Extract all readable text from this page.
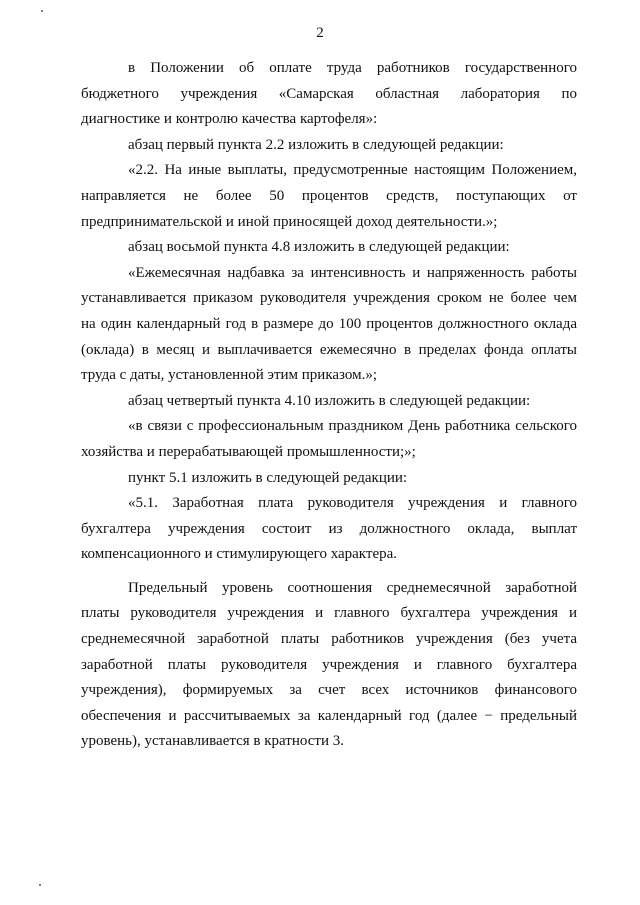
2
в Положении об оплате труда работников государственного
бюджетного учреждения «Самарская областная лаборатория по
диагностике и контролю качества картофеля»:
абзац первый пункта 2.2 изложить в следующей редакции:
«2.2. На иные выплаты, предусмотренные настоящим Положением,
направляется не более 50 процентов средств, поступающих от
предпринимательской и иной приносящей доход деятельности.»;
абзац восьмой пункта 4.8 изложить в следующей редакции:
«Ежемесячная надбавка за интенсивность и напряженность работы
устанавливается приказом руководителя учреждения сроком не более чем
на один календарный год в размере до 100 процентов должностного оклада
(оклада) в месяц и выплачивается ежемесячно в пределах фонда оплаты
труда с даты, установленной этим приказом.»;
абзац четвертый пункта 4.10 изложить в следующей редакции:
«в связи с профессиональным праздником День работника сельского
хозяйства и перерабатывающей промышленности;»;
пункт 5.1 изложить в следующей редакции:
«5.1. Заработная плата руководителя учреждения и главного
бухгалтера учреждения состоит из должностного оклада, выплат
компенсационного и стимулирующего характера.
Предельный уровень соотношения среднемесячной заработной
платы руководителя учреждения и главного бухгалтера учреждения и
среднемесячной заработной платы работников учреждения (без учета
заработной платы руководителя учреждения и главного бухгалтера
учреждения), формируемых за счет всех источников финансового
обеспечения и рассчитываемых за календарный год (далее − предельный
уровень), устанавливается в кратности 3.
